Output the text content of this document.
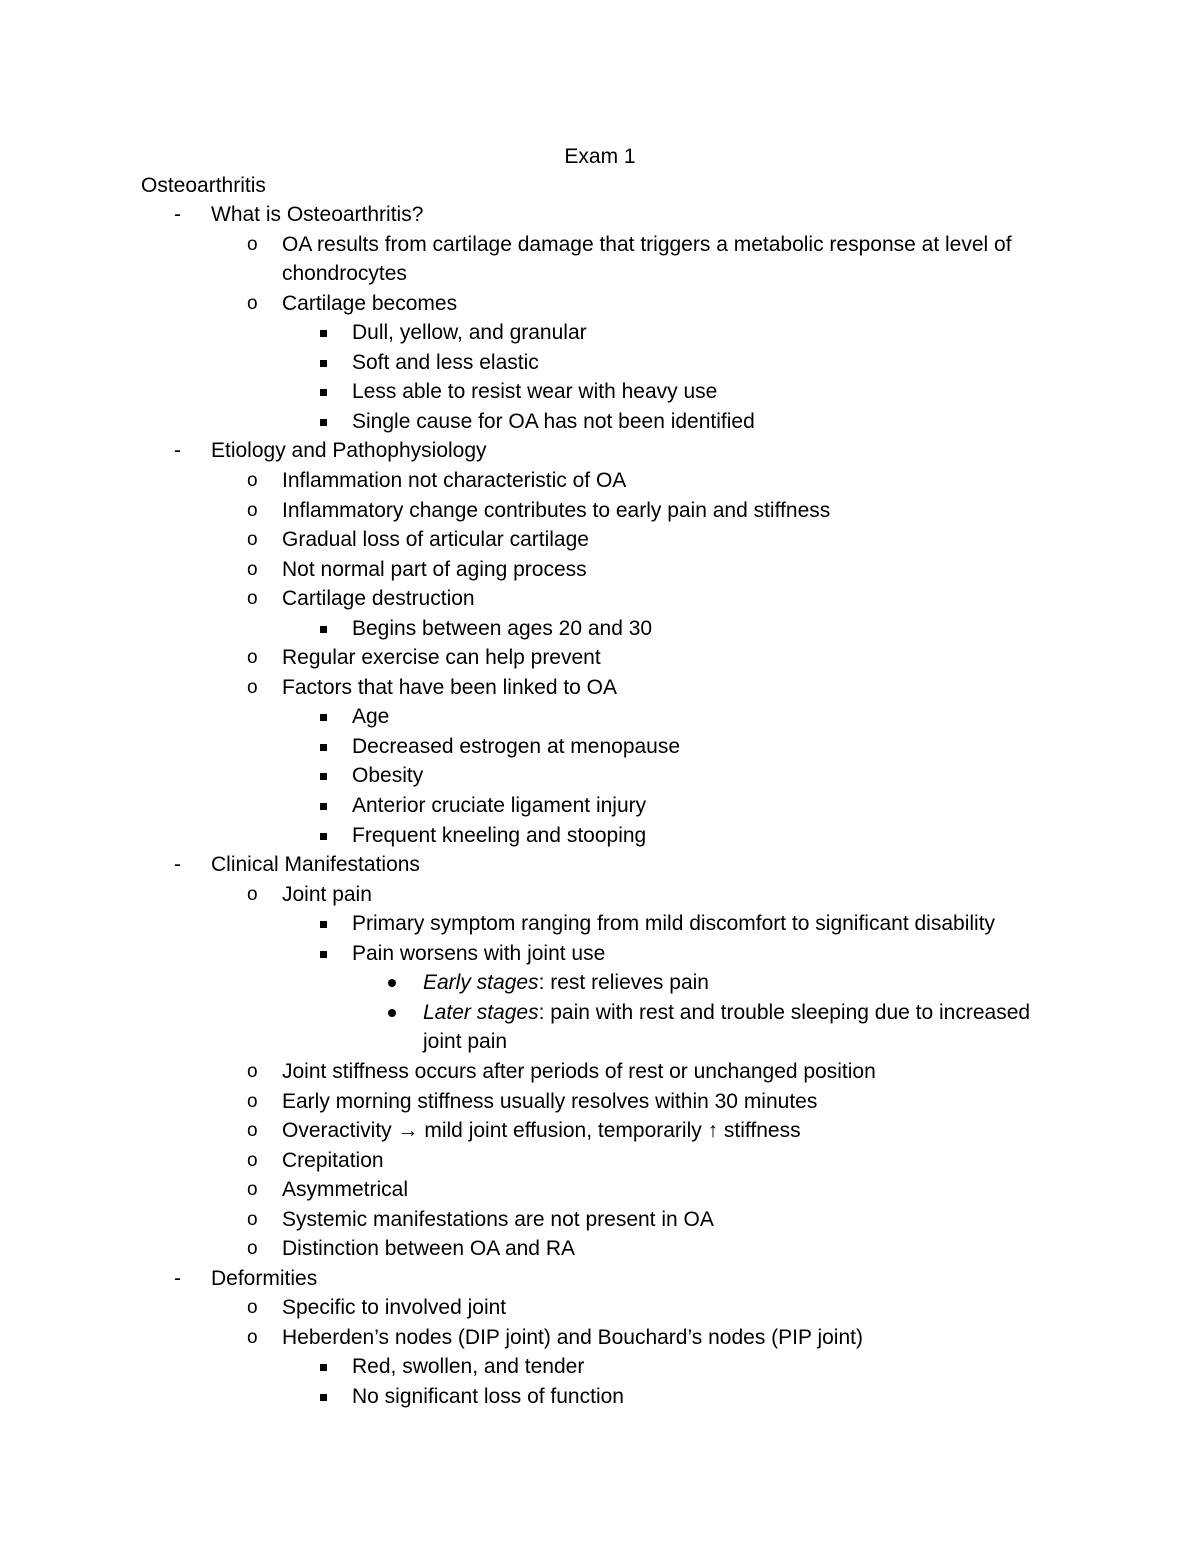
Exam 1
Osteoarthritis
- What is Osteoarthritis?
o OA results from cartilage damage that triggers a metabolic response at level of
chondrocytes
o Cartilage becomes
Dull, yellow, and granular
Soft and less elastic
Less able to resist wear with heavy use
Single cause for OA has not been identified
- Etiology and Pathophysiology
o Inflammation not characteristic of OA
o Inflammatory change contributes to early pain and stiffness
o Gradual loss of articular cartilage
o Not normal part of aging process
o Cartilage destruction
Begins between ages 20 and 30
o Regular exercise can help prevent
o Factors that have been linked to OA
Age
Decreased estrogen at menopause
Obesity
Anterior cruciate ligament injury
Frequent kneeling and stooping
- Clinical Manifestations
o Joint pain
Primary symptom ranging from mild discomfort to significant disability
Pain worsens with joint use
Early stages: rest relieves pain
Later stages: pain with rest and trouble sleeping due to increased
joint pain
o Joint stiffness occurs after periods of rest or unchanged position
o Early morning stiffness usually resolves within 30 minutes
o Overactivity → mild joint effusion, temporarily ↑ stiffness
o Crepitation
o Asymmetrical
o Systemic manifestations are not present in OA
o Distinction between OA and RA
- Deformities
o Specific to involved joint
o Heberden’s nodes (DIP joint) and Bouchard’s nodes (PIP joint)
Red, swollen, and tender
No significant loss of function
